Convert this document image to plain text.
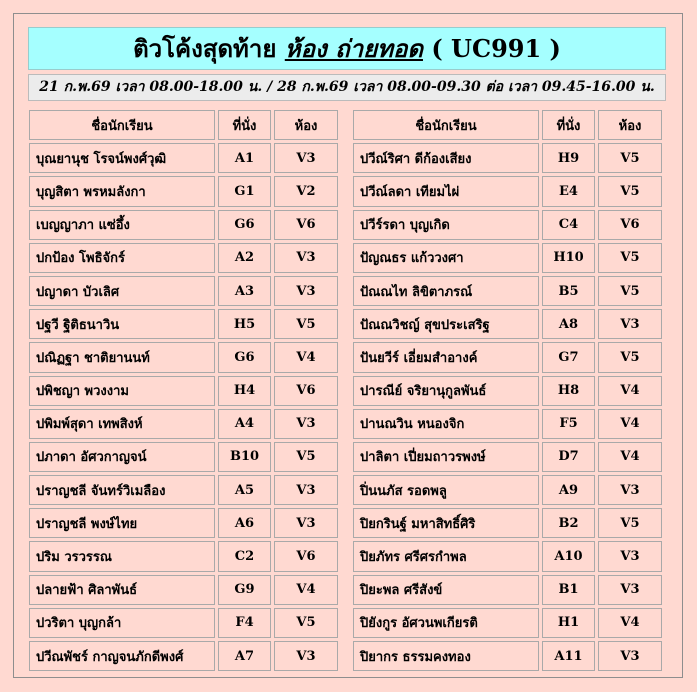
ติวโค้งสุดท้าย ห้อง ถ่ายทอด ( UC991 )
21 ก.พ.69 เวลา 08.00-18.00 น. / 28 ก.พ.69 เวลา 08.00-09.30 ต่อ เวลา 09.45-16.00 น.
ชื่อนักเรียน	ที่นั่ง	ห้อง
บุณยานุช โรจน์พงศ์วุฒิ	A1	V3
บุญสิตา พรหมลังกา	G1	V2
เบญญาภา แซ่อึ้ง	G6	V6
ปกป้อง โพธิจักร์	A2	V3
ปญาดา บัวเลิศ	A3	V3
ปฐวี ฐิติธนาวิน	H5	V5
ปณิฏฐา ชาติยานนท์	G6	V4
ปพิชญา พวงงาม	H4	V6
ปพิมพ์สุดา เทพสิงห์	A4	V3
ปภาดา อัศวกาญจน์	B10	V5
ปราญชลี จันทร์วิเมลือง	A5	V3
ปราญชลี พงษ์ไทย	A6	V3
ปริม วรวรรณ	C2	V6
ปลายฟ้า ศิลาพันธ์	G9	V4
ปวริตา บุญกล้า	F4	V5
ปวีณพัชร์ กาญจนภักดีพงศ์	A7	V3
ชื่อนักเรียน	ที่นั่ง	ห้อง
ปวีณ์ริศา ดีก้องเสียง	H9	V5
ปวีณ์ลดา เทียมไผ่	E4	V5
ปวีร์รดา บุญเกิด	C4	V6
ปัญณธร แก้ววงศา	H10	V5
ปัณณไท ลิขิตาภรณ์	B5	V5
ปัณณวิชญ์ สุขประเสริฐ	A8	V3
ปันยวีร์ เอี่ยมสำอางค์	G7	V5
ปารณีย์ จริยานุกูลพันธ์	H8	V4
ปานณวิน หนองจิก	F5	V4
ปาลิตา เปี่ยมถาวรพงษ์	D7	V4
ปิ่นนภัส รอดพลู	A9	V3
ปิยกรินฐ์ มหาสิทธิ์ศิริ	B2	V5
ปิยภัทร ศรีศรกำพล	A10	V3
ปิยะพล ศรีสังข์	B1	V3
ปิยังกูร อัศวนพเกียรติ	H1	V4
ปิยากร ธรรมคงทอง	A11	V3
